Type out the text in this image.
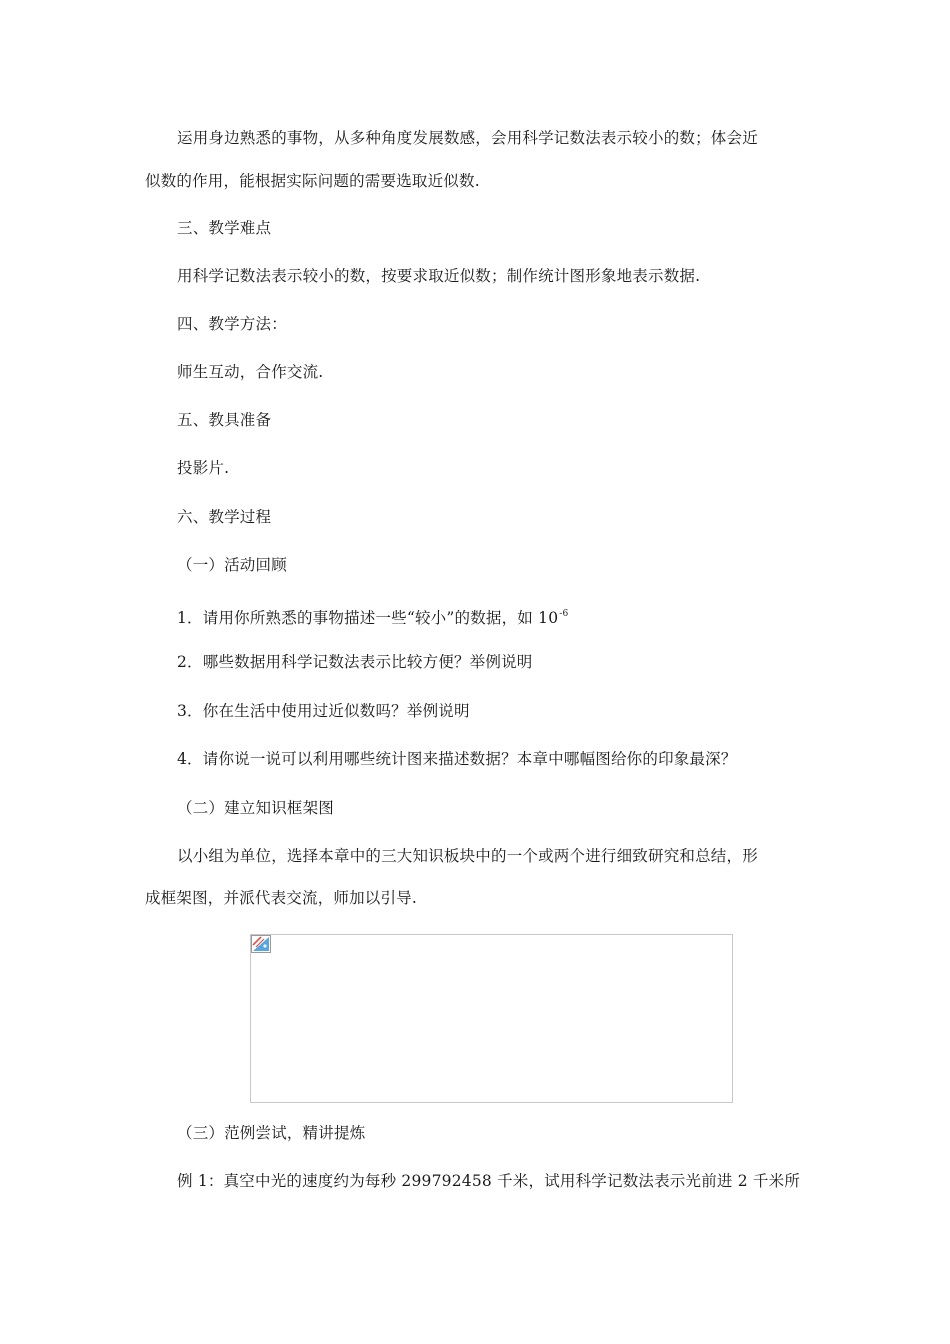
运用身边熟悉的事物，从多种角度发展数感，会用科学记数法表示较小的数；体会近
似数的作用，能根据实际问题的需要选取近似数.
三、教学难点
用科学记数法表示较小的数，按要求取近似数；制作统计图形象地表示数据.
四、教学方法：
师生互动，合作交流.
五、教具准备
投影片.
六、教学过程
（一）活动回顾
1．请用你所熟悉的事物描述一些“较小”的数据，如 $10^{-6}$
2．哪些数据用科学记数法表示比较方便？举例说明
3．你在生活中使用过近似数吗？举例说明
4．请你说一说可以利用哪些统计图来描述数据？本章中哪幅图给你的印象最深？
（二）建立知识框架图
以小组为单位，选择本章中的三大知识板块中的一个或两个进行细致研究和总结，形
成框架图，并派代表交流，师加以引导.
（三）范例尝试，精讲提炼
例 1：真空中光的速度约为每秒 299792458 千米，试用科学记数法表示光前进 2 千米所
